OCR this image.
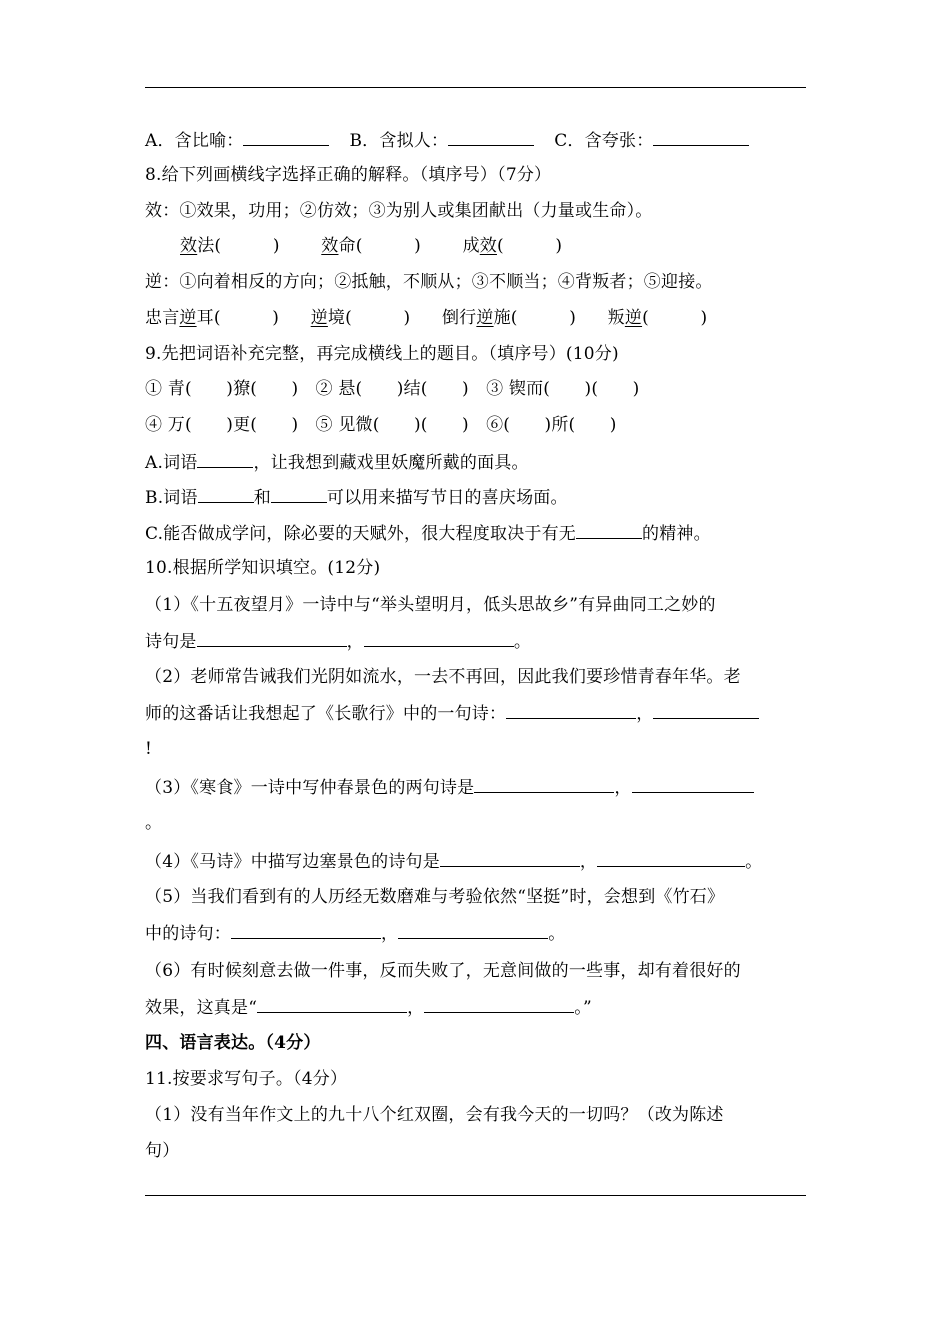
A．含比喻：	B．含拟人：	C．含夸张：
8.给下列画横线字选择正确的解释。（填序号）（7分）
效：①效果，功用；②仿效；③为别人或集团献出（力量或生命）。
效法(　　　) 效命(　　　) 成效(　　　)
逆：①向着相反的方向；②抵触，不顺从；③不顺当；④背叛者；⑤迎接。
忠言逆耳(　　　) 逆境(　　　) 倒行逆施(　　　) 叛逆(　　　)
9.先把词语补充完整，再完成横线上的题目。（填序号）(10分)
① 青(　　)獠(　　)　② 悬(　　)结(　　)　③ 锲而(　　)(　　)
④ 万(　　)更(　　)　⑤ 见微(　　)(　　)　⑥(　　)所(　　)
A.词语	，让我想到藏戏里妖魔所戴的面具。
B.词语	和	可以用来描写节日的喜庆场面。
C.能否做成学问，除必要的天赋外，很大程度取决于有无	的精神。
10.根据所学知识填空。(12分)
（1）《十五夜望月》一诗中与“举头望明月，低头思故乡”有异曲同工之妙的
诗句是	，	。
（2）老师常告诫我们光阴如流水，一去不再回，因此我们要珍惜青春年华。老
师的这番话让我想起了《长歌行》中的一句诗：	，
!
（3）《寒食》一诗中写仲春景色的两句诗是	，
。
（4）《马诗》中描写边塞景色的诗句是	，	。
（5）当我们看到有的人历经无数磨难与考验依然“坚挺”时，会想到《竹石》
中的诗句：	，	。
（6）有时候刻意去做一件事，反而失败了，无意间做的一些事，却有着很好的
效果，这真是“	，	。”
四、语言表达。（4分）
11.按要求写句子。（4分）
（1）没有当年作文上的九十八个红双圈，会有我今天的一切吗？（改为陈述
句）
